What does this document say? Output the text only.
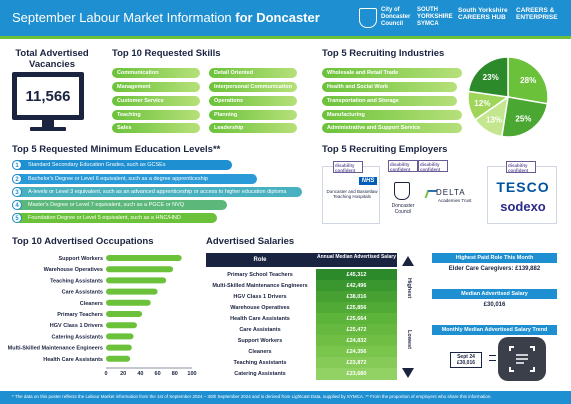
September Labour Market Information for Doncaster	City of Doncaster Council
SOUTH YORKSHIRE SYMCA
South Yorkshire CAREERS HUB
CAREERS & ENTERPRISE
Total Advertised Vacancies
11,566
Top 10 Requested Skills
Communication
Management
Customer Service
Teaching
Sales
Detail Oriented
Interpersonal Communication
Operations
Planning
Leadership
Top 5 Recruiting Industries
Wholesale and Retail Trade
Health and Social Work
Transportation and Storage
Manufacturing
Administrative and Support Service
28%
25%
13%
12%
23%
Top 5 Requested Minimum Education Levels**
1	Standard Secondary Education Grades, such as GCSEs
2	Bachelor's Degree or Level 6 equivalent, such as a degree apprenticeship
3	A-levels or Level 3 equivalent, such as an advanced apprenticeship or access to higher education diploma
4	Master's Degree or Level 7 equivalent, such as a PGCE or NVQ
5	Foundation Degree or Level 5 equivalent, such as a HNC/HND
Top 5 Recruiting Employers
disability confident
NHS
Doncaster and Bassetlaw Teaching Hospitals
disability confident
Doncaster Council
disability confident
DELTA
Academies Trust
disability confident
TESCO
sodexo
Top 10 Advertised Occupations
Support Workers
Warehouse Operatives
Teaching Assistants
Care Assistants
Cleaners
Primary Teachers
HGV Class 1 Drivers
Catering Assistants
Multi-Skilled Maintenance Engineers
Health Care Assistants
0 20 40 60 80 100
Advertised Salaries
Role	Annual Median Advertised Salary
Primary School Teachers	£45,312
Multi-Skilled Maintenance Engineers	£42,496
HGV Class 1 Drivers	£38,016
Warehouse Operatives	£25,856
Health Care Assistants	£25,664
Care Assistants	£25,472
Support Workers	£24,832
Cleaners	£24,356
Teaching Assistants	£23,872
Catering Assistants	£23,680
Highest
Lowest
Highest Paid Role This Month
Elder Care Caregivers: £139,882
Median Advertised Salary
£30,016
Monthly Median Advertised Salary Trend
Sept 24
£30,016
* The data on this poster reflects the Labour Market information from the 1st of September 2024 – 30th September 2024 and is derived from Lightcast Data, supplied by SYMCA. ** From the proportion of employers who share this information.
